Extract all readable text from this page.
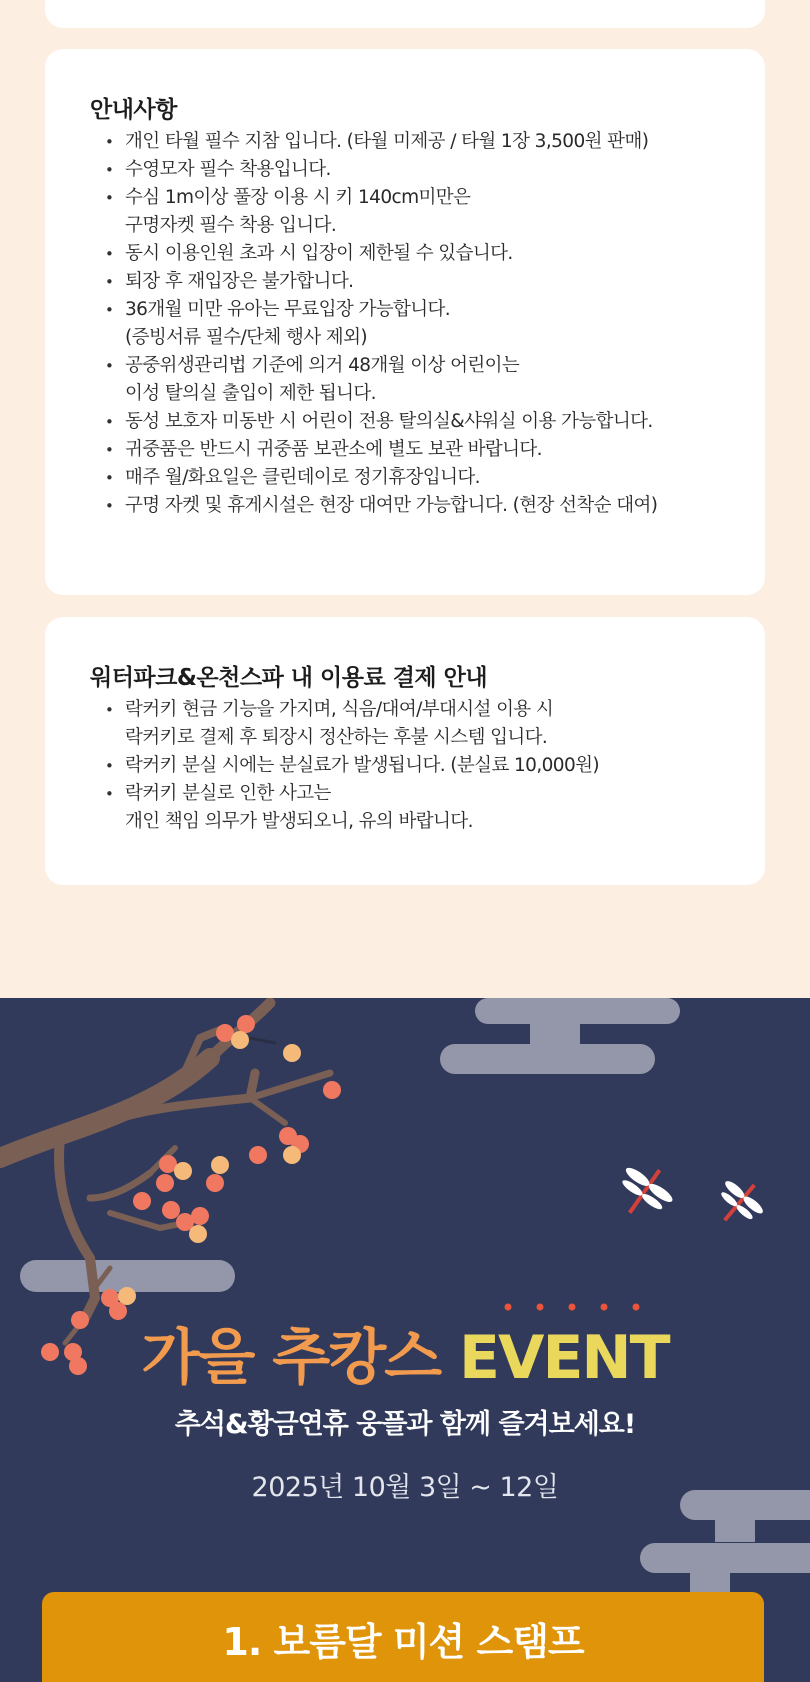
안내사항
• 개인 타월 필수 지참 입니다. (타월 미제공 / 타월 1장 3,500원 판매)
• 수영모자 필수 착용입니다.
• 수심 1m이상 풀장 이용 시 키 140cm미만은
구명자켓 필수 착용 입니다.
• 동시 이용인원 초과 시 입장이 제한될 수 있습니다.
• 퇴장 후 재입장은 불가합니다.
• 36개월 미만 유아는 무료입장 가능합니다.
(증빙서류 필수/단체 행사 제외)
• 공중위생관리법 기준에 의거 48개월 이상 어린이는
이성 탈의실 출입이 제한 됩니다.
• 동성 보호자 미동반 시 어린이 전용 탈의실&샤워실 이용 가능합니다.
• 귀중품은 반드시 귀중품 보관소에 별도 보관 바랍니다.
• 매주 월/화요일은 클린데이로 정기휴장입니다.
• 구명 자켓 및 휴게시설은 현장 대여만 가능합니다. (현장 선착순 대여)
워터파크&온천스파 내 이용료 결제 안내
• 락커키 현금 기능을 가지며, 식음/대여/부대시설 이용 시
락커키로 결제 후 퇴장시 정산하는 후불 시스템 입니다.
• 락커키 분실 시에는 분실료가 발생됩니다. (분실료 10,000원)
• 락커키 분실로 인한 사고는
개인 책임 의무가 발생되오니, 유의 바랍니다.
가을 추캉스 EVENT
추석&황금연휴 웅플과 함께 즐겨보세요!
2025년 10월 3일 ~ 12일
1. 보름달 미션 스탬프
